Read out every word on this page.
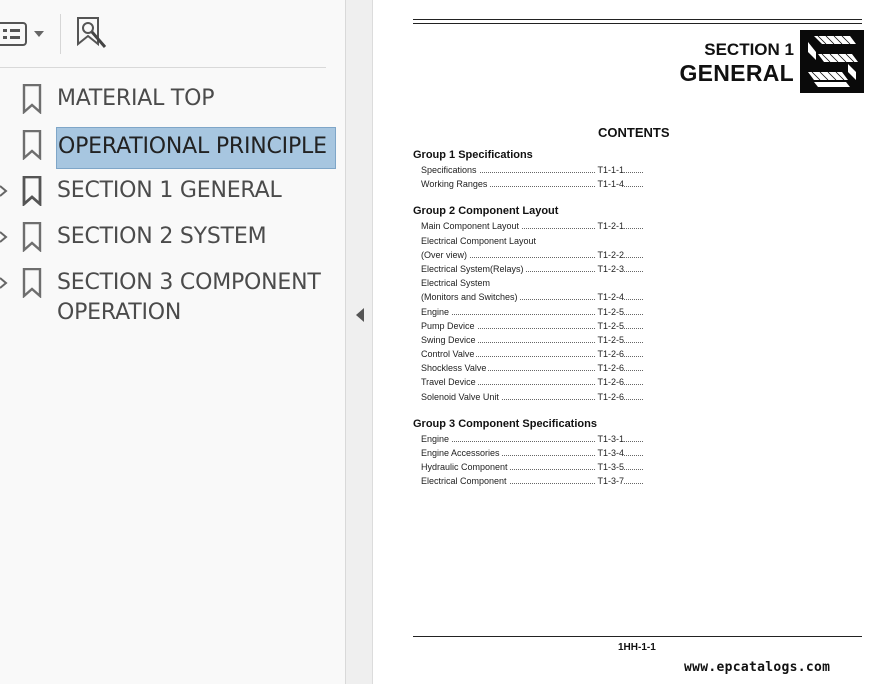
MATERIAL TOP
OPERATIONAL PRINCIPLE
SECTION 1 GENERAL
SECTION 2 SYSTEM
SECTION 3 COMPONENT OPERATION
SECTION 1
GENERAL
CONTENTS
Group 1 Specifications
Specifications	T1-1-1
Working Ranges	T1-1-4
Group 2 Component Layout
Main Component Layout	T1-2-1
Electrical Component Layout
(Over view)	T1-2-2
Electrical System(Relays)	T1-2-3
Electrical System
(Monitors and Switches)	T1-2-4
Engine	T1-2-5
Pump Device	T1-2-5
Swing Device	T1-2-5
Control Valve	T1-2-6
Shockless Valve	T1-2-6
Travel Device	T1-2-6
Solenoid Valve Unit	T1-2-6
Group 3 Component Specifications
Engine	T1-3-1
Engine Accessories	T1-3-4
Hydraulic Component	T1-3-5
Electrical Component	T1-3-7
1HH-1-1
www.epcatalogs.com
